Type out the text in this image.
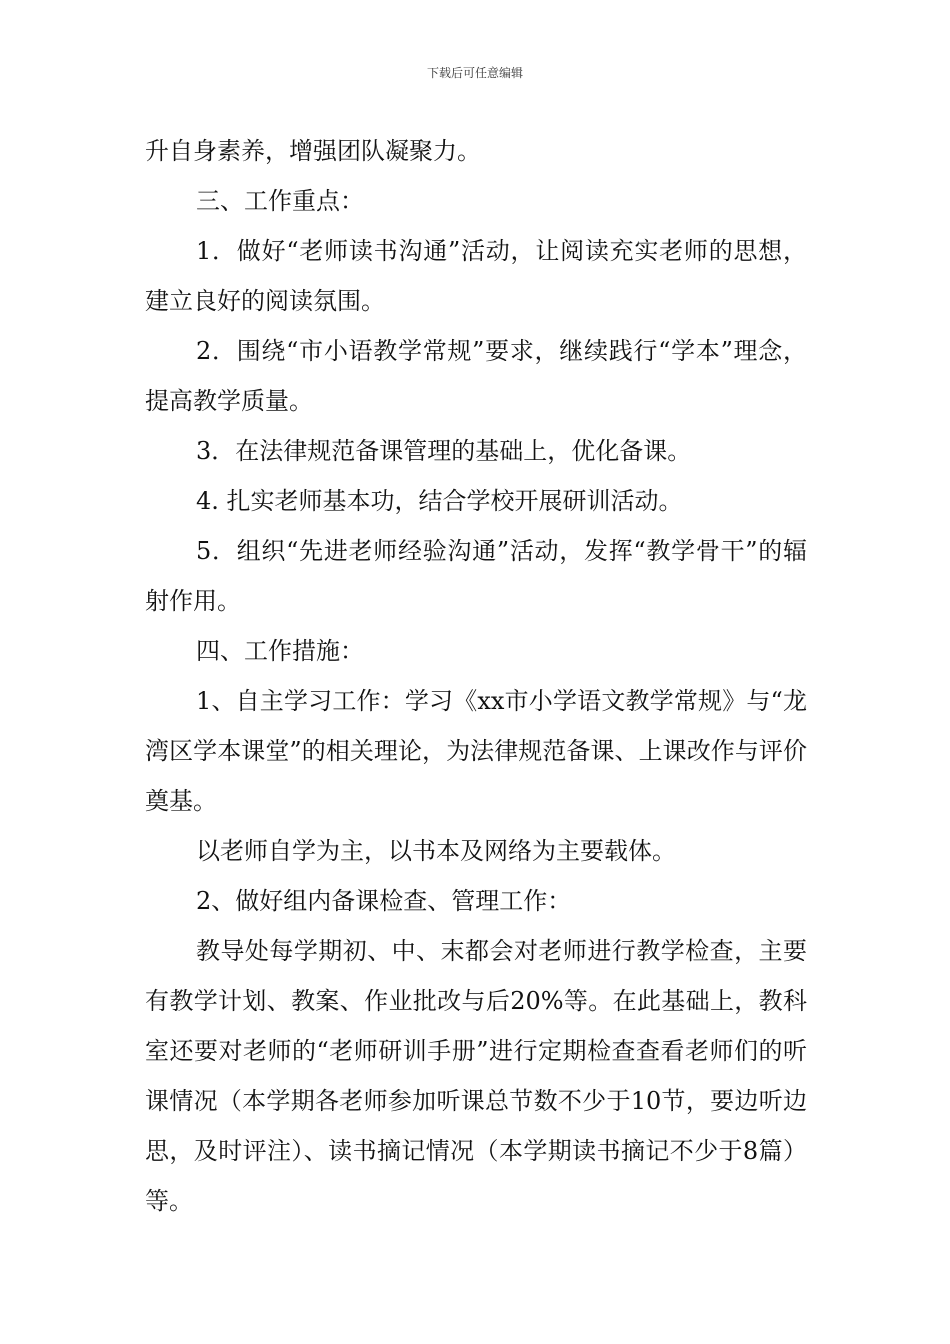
下载后可任意编辑

升自身素养，增强团队凝聚力。

三、工作重点：

1．做好“老师读书沟通”活动，让阅读充实老师的思想，建立良好的阅读氛围。

2．围绕“市小语教学常规”要求，继续践行“学本”理念，提高教学质量。

3．在法律规范备课管理的基础上，优化备课。

4. 扎实老师基本功，结合学校开展研训活动。

5．组织“先进老师经验沟通”活动，发挥“教学骨干”的辐射作用。

四、工作措施：

1、自主学习工作：学习《xx市小学语文教学常规》与“龙湾区学本课堂”的相关理论，为法律规范备课、上课改作与评价奠基。

以老师自学为主，以书本及网络为主要载体。

2、做好组内备课检查、管理工作：

教导处每学期初、中、末都会对老师进行教学检查，主要有教学计划、教案、作业批改与后20%等。在此基础上，教科室还要对老师的“老师研训手册”进行定期检查查看老师们的听课情况（本学期各老师参加听课总节数不少于10节，要边听边思，及时评注）、读书摘记情况（本学期读书摘记不少于8篇）等。
